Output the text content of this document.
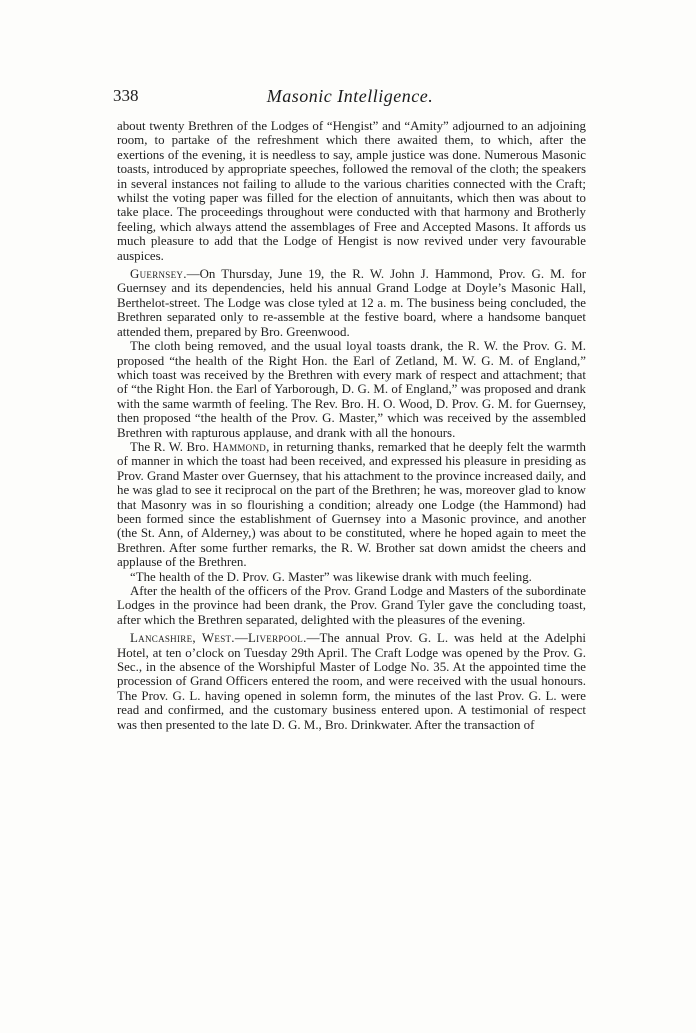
338	Masonic Intelligence.

about twenty Brethren of the Lodges of “Hengist” and “Amity” adjourned to an adjoining room, to partake of the refreshment which there awaited them, to which, after the exertions of the evening, it is needless to say, ample justice was done. Numerous Masonic toasts, introduced by appropriate speeches, followed the removal of the cloth; the speakers in several instances not failing to allude to the various charities connected with the Craft; whilst the voting paper was filled for the election of annuitants, which then was about to take place. The proceedings throughout were conducted with that harmony and Brotherly feeling, which always attend the assemblages of Free and Accepted Masons. It affords us much pleasure to add that the Lodge of Hengist is now revived under very favourable auspices.

Guernsey.—On Thursday, June 19, the R. W. John J. Hammond, Prov. G. M. for Guernsey and its dependencies, held his annual Grand Lodge at Doyle’s Masonic Hall, Berthelot-street. The Lodge was close tyled at 12 a. m. The business being concluded, the Brethren separated only to re-assemble at the festive board, where a handsome banquet attended them, prepared by Bro. Greenwood.

The cloth being removed, and the usual loyal toasts drank, the R. W. the Prov. G. M. proposed “the health of the Right Hon. the Earl of Zetland, M. W. G. M. of England,” which toast was received by the Brethren with every mark of respect and attachment; that of “the Right Hon. the Earl of Yarborough, D. G. M. of England,” was proposed and drank with the same warmth of feeling. The Rev. Bro. H. O. Wood, D. Prov. G. M. for Guernsey, then proposed “the health of the Prov. G. Master,” which was received by the assembled Brethren with rapturous applause, and drank with all the honours.

The R. W. Bro. Hammond, in returning thanks, remarked that he deeply felt the warmth of manner in which the toast had been received, and expressed his pleasure in presiding as Prov. Grand Master over Guernsey, that his attachment to the province increased daily, and he was glad to see it reciprocal on the part of the Brethren; he was, moreover glad to know that Masonry was in so flourishing a condition; already one Lodge (the Hammond) had been formed since the establishment of Guernsey into a Masonic province, and another (the St. Ann, of Alderney,) was about to be constituted, where he hoped again to meet the Brethren. After some further remarks, the R. W. Brother sat down amidst the cheers and applause of the Brethren.

“The health of the D. Prov. G. Master” was likewise drank with much feeling.

After the health of the officers of the Prov. Grand Lodge and Masters of the subordinate Lodges in the province had been drank, the Prov. Grand Tyler gave the concluding toast, after which the Brethren separated, delighted with the pleasures of the evening.

Lancashire, West.—Liverpool.—The annual Prov. G. L. was held at the Adelphi Hotel, at ten o’clock on Tuesday 29th April. The Craft Lodge was opened by the Prov. G. Sec., in the absence of the Worshipful Master of Lodge No. 35. At the appointed time the procession of Grand Officers entered the room, and were received with the usual honours. The Prov. G. L. having opened in solemn form, the minutes of the last Prov. G. L. were read and confirmed, and the customary business entered upon. A testimonial of respect was then presented to the late D. G. M., Bro. Drinkwater. After the transaction of
